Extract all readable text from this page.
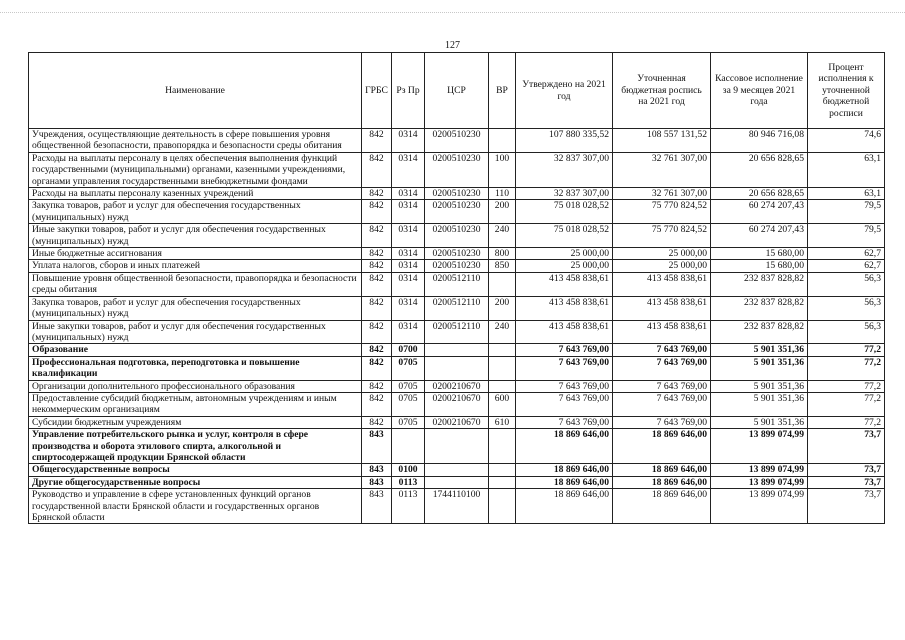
127
Наименование	ГРБС	Рз Пр	ЦСР	ВР	Утверждено на 2021 год	Уточненная бюджетная роспись на 2021 год	Кассовое исполнение за 9 месяцев 2021 года	Процент исполнения к уточненной бюджетной росписи
Учреждения, осуществляющие деятельность в сфере повышения уровня общественной безопасности, правопорядка и безопасности среды обитания	842	0314	0200510230		107 880 335,52	108 557 131,52	80 946 716,08	74,6
Расходы на выплаты персоналу в целях обеспечения выполнения функций государственными (муниципальными) органами, казенными учреждениями, органами управления государственными внебюджетными фондами	842	0314	0200510230	100	32 837 307,00	32 761 307,00	20 656 828,65	63,1
Расходы на выплаты персоналу казенных учреждений	842	0314	0200510230	110	32 837 307,00	32 761 307,00	20 656 828,65	63,1
Закупка товаров, работ и услуг для обеспечения государственных (муниципальных) нужд	842	0314	0200510230	200	75 018 028,52	75 770 824,52	60 274 207,43	79,5
Иные закупки товаров, работ и услуг для обеспечения государственных (муниципальных) нужд	842	0314	0200510230	240	75 018 028,52	75 770 824,52	60 274 207,43	79,5
Иные бюджетные ассигнования	842	0314	0200510230	800	25 000,00	25 000,00	15 680,00	62,7
Уплата налогов, сборов и иных платежей	842	0314	0200510230	850	25 000,00	25 000,00	15 680,00	62,7
Повышение уровня общественной безопасности, правопорядка и безопасности среды обитания	842	0314	0200512110		413 458 838,61	413 458 838,61	232 837 828,82	56,3
Закупка товаров, работ и услуг для обеспечения государственных (муниципальных) нужд	842	0314	0200512110	200	413 458 838,61	413 458 838,61	232 837 828,82	56,3
Иные закупки товаров, работ и услуг для обеспечения государственных (муниципальных) нужд	842	0314	0200512110	240	413 458 838,61	413 458 838,61	232 837 828,82	56,3
Образование	842	0700			7 643 769,00	7 643 769,00	5 901 351,36	77,2
Профессиональная подготовка, переподготовка и повышение квалификации	842	0705			7 643 769,00	7 643 769,00	5 901 351,36	77,2
Организации дополнительного профессионального образования	842	0705	0200210670		7 643 769,00	7 643 769,00	5 901 351,36	77,2
Предоставление субсидий бюджетным, автономным учреждениям и иным некоммерческим организациям	842	0705	0200210670	600	7 643 769,00	7 643 769,00	5 901 351,36	77,2
Субсидии бюджетным учреждениям	842	0705	0200210670	610	7 643 769,00	7 643 769,00	5 901 351,36	77,2
Управление потребительского рынка и услуг, контроля в сфере производства и оборота этилового спирта, алкогольной и спиртосодержащей продукции Брянской области	843				18 869 646,00	18 869 646,00	13 899 074,99	73,7
Общегосударственные вопросы	843	0100			18 869 646,00	18 869 646,00	13 899 074,99	73,7
Другие общегосударственные вопросы	843	0113			18 869 646,00	18 869 646,00	13 899 074,99	73,7
Руководство и управление в сфере установленных функций органов государственной власти Брянской области и государственных органов Брянской области	843	0113	1744110100		18 869 646,00	18 869 646,00	13 899 074,99	73,7
